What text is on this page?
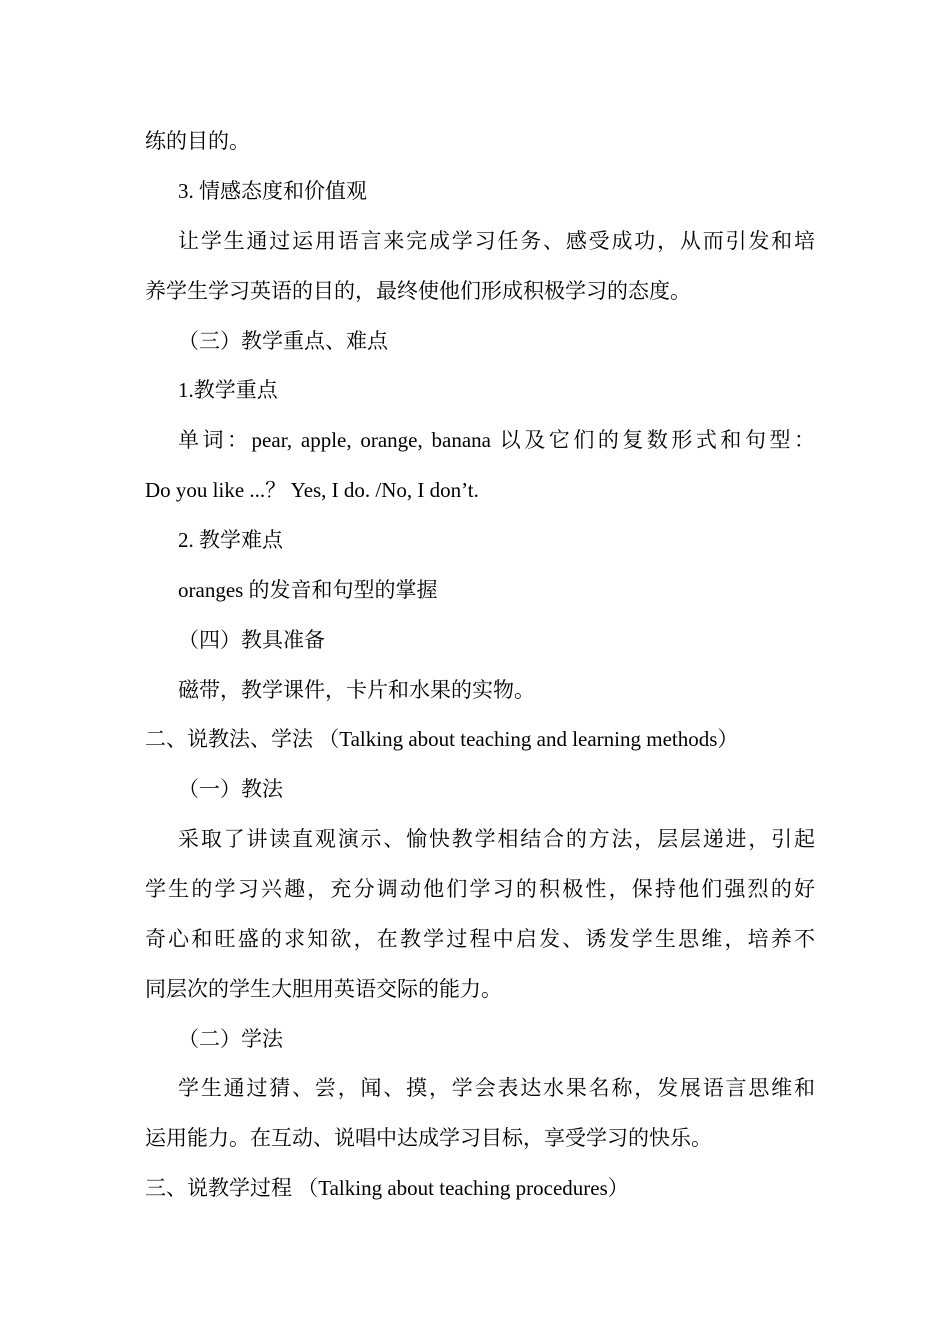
练的目的。

3. 情感态度和价值观

让学生通过运用语言来完成学习任务、感受成功，从而引发和培

养学生学习英语的目的，最终使他们形成积极学习的态度。

（三）教学重点、难点

1.教学重点

单词：pear, apple, orange, banana 以及它们的复数形式和句型：

Do you like ...？ Yes, I do. /No, I don’t.

2. 教学难点

oranges 的发音和句型的掌握

（四）教具准备

磁带，教学课件，卡片和水果的实物。

二、说教法、学法 （Talking about teaching and learning methods）

（一）教法

采取了讲读直观演示、愉快教学相结合的方法，层层递进，引起

学生的学习兴趣，充分调动他们学习的积极性，保持他们强烈的好

奇心和旺盛的求知欲，在教学过程中启发、诱发学生思维，培养不

同层次的学生大胆用英语交际的能力。

（二）学法

学生通过猜、尝，闻、摸，学会表达水果名称，发展语言思维和

运用能力。在互动、说唱中达成学习目标，享受学习的快乐。

三、说教学过程 （Talking about teaching procedures）
